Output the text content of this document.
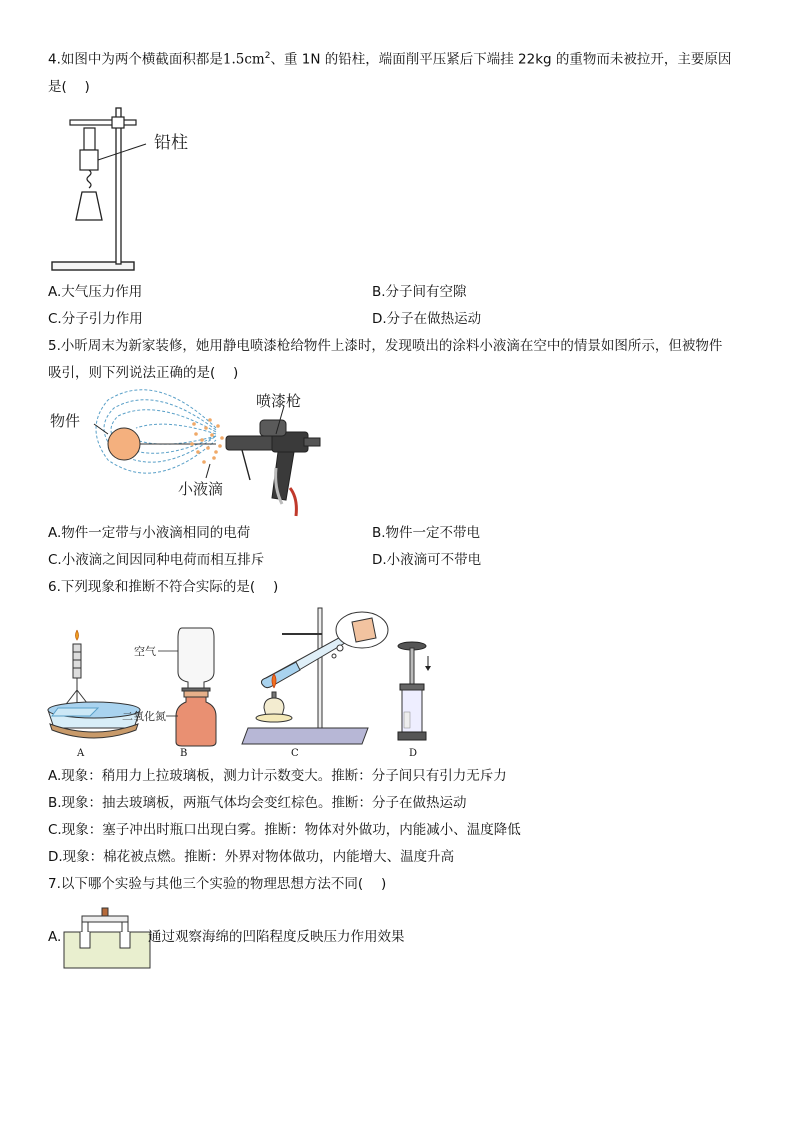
4.如图中为两个横截面积都是$1.5cm^2$、重 1N 的铅柱，端面削平压紧后下端挂 22kg 的重物而未被拉开，主要原因
是(　 )
铅柱
A.大气压力作用	B.分子间有空隙
C.分子引力作用	D.分子在做热运动
5.小昕周末为新家装修，她用静电喷漆枪给物件上漆时，发现喷出的涂料小液滴在空中的情景如图所示，但被物件
吸引，则下列说法正确的是(　 )
物件
喷漆枪
小液滴
A.物件一定带与小液滴相同的电荷	B.物件一定不带电
C.小液滴之间因同种电荷而相互排斥	D.小液滴可不带电
6.下列现象和推断不符合实际的是(　 )
A
空气
二氧化氮
B	C	D
A.现象：稍用力上拉玻璃板，测力计示数变大。推断：分子间只有引力无斥力
B.现象：抽去玻璃板，两瓶气体均会变红棕色。推断：分子在做热运动
C.现象：塞子冲出时瓶口出现白雾。推断：物体对外做功，内能减小、温度降低
D.现象：棉花被点燃。推断：外界对物体做功，内能增大、温度升高
7.以下哪个实验与其他三个实验的物理思想方法不同(　 )
A.	通过观察海绵的凹陷程度反映压力作用效果
